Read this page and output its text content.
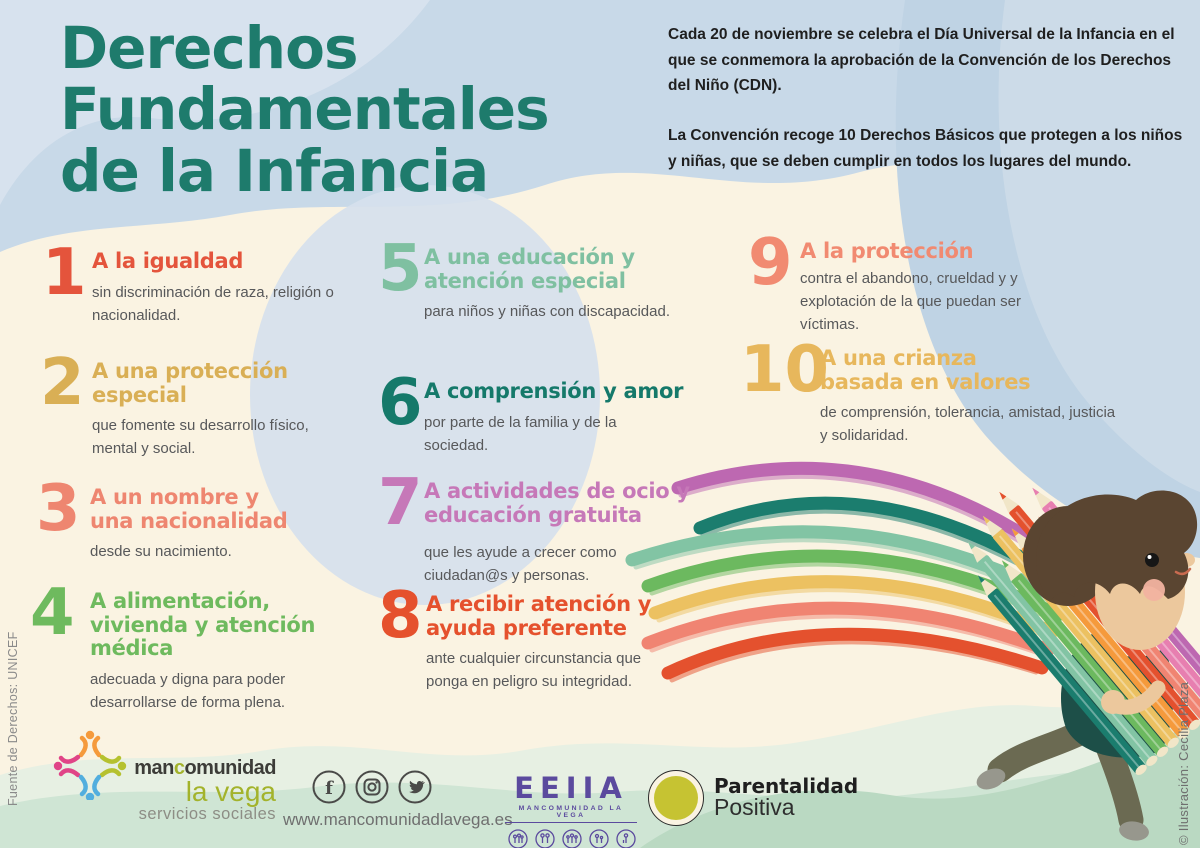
Derechos
Fundamentales
de la Infancia

Cada 20 de noviembre se celebra el Día Universal de la Infancia en el que se conmemora la aprobación de la Convención de los Derechos del Niño (CDN).

La Convención recoge 10 Derechos Básicos que protegen a los niños y niñas, que se deben cumplir en todos los lugares del mundo.

1 A la igualdad

sin discriminación de raza, religión o nacionalidad.

2 A una protección especial

que fomente su desarrollo físico, mental y social.

3 A un nombre y una nacionalidad

desde su nacimiento.

4 A alimentación, vivienda y atención médica

adecuada y digna para poder desarrollarse de forma plena.

5 A una educación y atención especial

para niños y niñas con discapacidad.

6 A comprensión y amor

por parte de la familia y de la sociedad.

7 A actividades de ocio y educación gratuita

que les ayude a crecer como ciudadan@s y personas.

8 A recibir atención y ayuda preferente

ante cualquier circunstancia que ponga en peligro su integridad.

9 A la protección

contra el abandono, crueldad y y explotación de la que puedan ser víctimas.

10
A una crianza basada en valores

de comprensión, tolerancia, amistad, justicia y solidaridad.

mancomunidad
la vega
servicios sociales
f
www.mancomunidadlavega.es
EEIIA
MANCOMUNIDAD LA VEGA
Parentalidad
Positiva
Fuente de Derechos: UNICEF	© Ilustración: Cecilia Plaza
